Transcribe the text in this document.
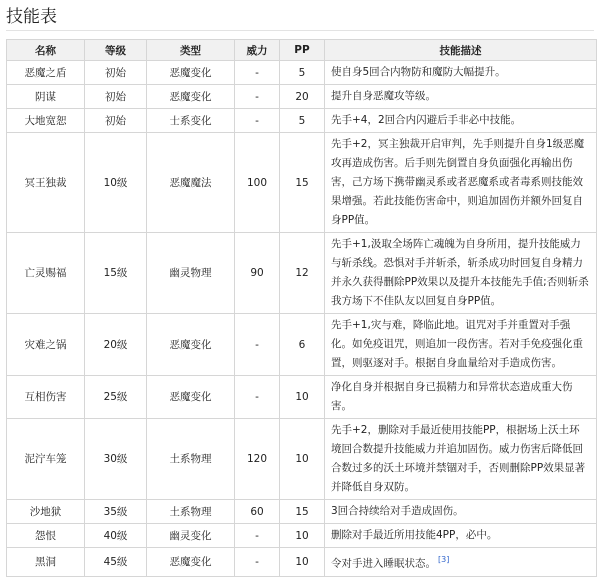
技能表
名称	等级	类型	威力	PP	技能描述
恶魔之盾	初始	恶魔变化	-	5	使自身5回合内物防和魔防大幅提升。
阴谋	初始	恶魔变化	-	20	提升自身恶魔攻等级。
大地宽恕	初始	士系变化	-	5	先手+4，2回合内闪避后手非必中技能。
冥王独裁	10级	恶魔魔法	100	15	先手+2，冥主独裁开启审判，先手则提升自身1级恶魔攻再造成伤害。后手则先倒置自身负面强化再输出伤害，己方场下携带幽灵系或者恶魔系或者毒系则技能效果增强。若此技能伤害命中，则追加固伤并额外回复自身PP值。
亡灵赐福	15级	幽灵物理	90	12	先手+1,汲取全场阵亡魂魄为自身所用，提升技能威力与斩杀线。恐惧对手并斩杀，斩杀成功时回复自身精力并永久获得删除PP效果以及提升本技能先手值;否则斩杀我方场下不佳队友以回复自身PP值。
灾难之锅	20级	恶魔变化	-	6	先手+1,灾与难，降临此地。诅咒对手并重置对手强化。如免疫诅咒，则追加一段伤害。若对手免疫强化重置，则驱逐对手。根据自身血量给对手造成伤害。
互相伤害	25级	恶魔变化	-	10	净化自身并根据自身已损精力和异常状态造成重大伤害。
泥泞车笼	30级	土系物理	120	10	先手+2，删除对手最近使用技能PP，根据场上沃土环境回合数提升技能威力并追加固伤。威力伤害后降低回合数过多的沃土环境并禁锢对手，否则删除PP效果显著并降低自身双防。
沙地狱	35级	土系物理	60	15	3回合持续给对手造成固伤。
怨恨	40级	幽灵变化	-	10	删除对手最近所用技能4PP，必中。
黑洞	45级	恶魔变化	-	10	令对手进入睡眠状态。 [3]
